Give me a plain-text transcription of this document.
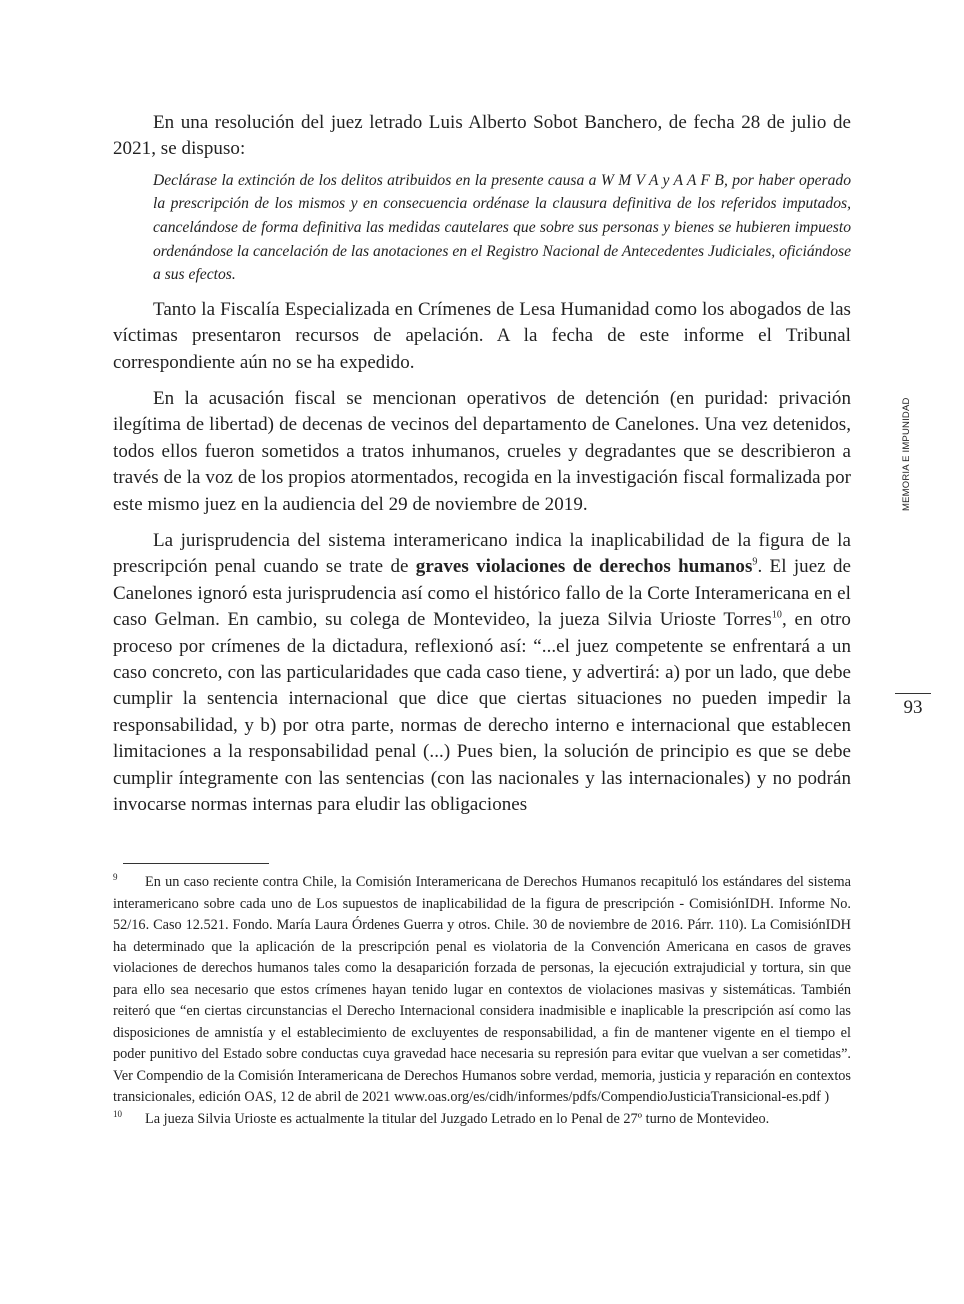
En una resolución del juez letrado Luis Alberto Sobot Banchero, de fecha 28 de julio de 2021, se dispuso:

Declárase la extinción de los delitos atribuidos en la presente causa a W M V A y A A F B, por haber operado la prescripción de los mismos y en consecuencia ordénase la clausura definitiva de los referidos imputados, cancelándose de forma definitiva las medidas cautelares que sobre sus personas y bienes se hubieren impuesto ordenándose la cancelación de las anotaciones en el Registro Nacional de Antecedentes Judiciales, oficiándose a sus efectos.

Tanto la Fiscalía Especializada en Crímenes de Lesa Humanidad como los abogados de las víctimas presentaron recursos de apelación. A la fecha de este informe el Tribunal correspondiente aún no se ha expedido.

En la acusación fiscal se mencionan operativos de detención (en puridad: privación ilegítima de libertad) de decenas de vecinos del departamento de Canelones. Una vez detenidos, todos ellos fueron sometidos a tratos inhumanos, crueles y degradantes que se describieron a través de la voz de los propios atormentados, recogida en la investigación fiscal formalizada por este mismo juez en la audiencia del 29 de noviembre de 2019.

La jurisprudencia del sistema interamericano indica la inaplicabilidad de la figura de la prescripción penal cuando se trate de graves violaciones de derechos humanos$^9$. El juez de Canelones ignoró esta jurisprudencia así como el histórico fallo de la Corte Interamericana en el caso Gelman. En cambio, su colega de Montevideo, la jueza Silvia Urioste Torres$^{10}$, en otro proceso por crímenes de la dictadura, reflexionó así: “...el juez competente se enfrentará a un caso concreto, con las particularidades que cada caso tiene, y advertirá: a) por un lado, que debe cumplir la sentencia internacional que dice que ciertas situaciones no pueden impedir la responsabilidad, y b) por otra parte, normas de derecho interno e internacional que establecen limitaciones a la responsabilidad penal (...) Pues bien, la solución de principio es que se debe cumplir íntegramente con las sentencias (con las nacionales y las internacionales) y no podrán invocarse normas internas para eludir las obligaciones

9 En un caso reciente contra Chile, la Comisión Interamericana de Derechos Humanos recapituló los estándares del sistema interamericano sobre cada uno de Los supuestos de inaplicabilidad de la figura de prescripción - ComisiónIDH. Informe No. 52/16. Caso 12.521. Fondo. María Laura Órdenes Guerra y otros. Chile. 30 de noviembre de 2016. Párr. 110). La ComisiónIDH ha determinado que la aplicación de la prescripción penal es violatoria de la Convención Americana en casos de graves violaciones de derechos humanos tales como la desaparición forzada de personas, la ejecución extrajudicial y tortura, sin que para ello sea necesario que estos crímenes hayan tenido lugar en contextos de violaciones masivas y sistemáticas. También reiteró que “en ciertas circunstancias el Derecho Internacional considera inadmisible e inaplicable la prescripción así como las disposiciones de amnistía y el establecimiento de excluyentes de responsabilidad, a fin de mantener vigente en el tiempo el poder punitivo del Estado sobre conductas cuya gravedad hace necesaria su represión para evitar que vuelvan a ser cometidas”. Ver Compendio de la Comisión Interamericana de Derechos Humanos sobre verdad, memoria, justicia y reparación en contextos transicionales, edición OAS, 12 de abril de 2021 www.oas.org/es/cidh/informes/pdfs/CompendioJusticiaTransicional-es.pdf )

10 La jueza Silvia Urioste es actualmente la titular del Juzgado Letrado en lo Penal de 27º turno de Montevideo.

MEMORIA E IMPUNIDAD
93
